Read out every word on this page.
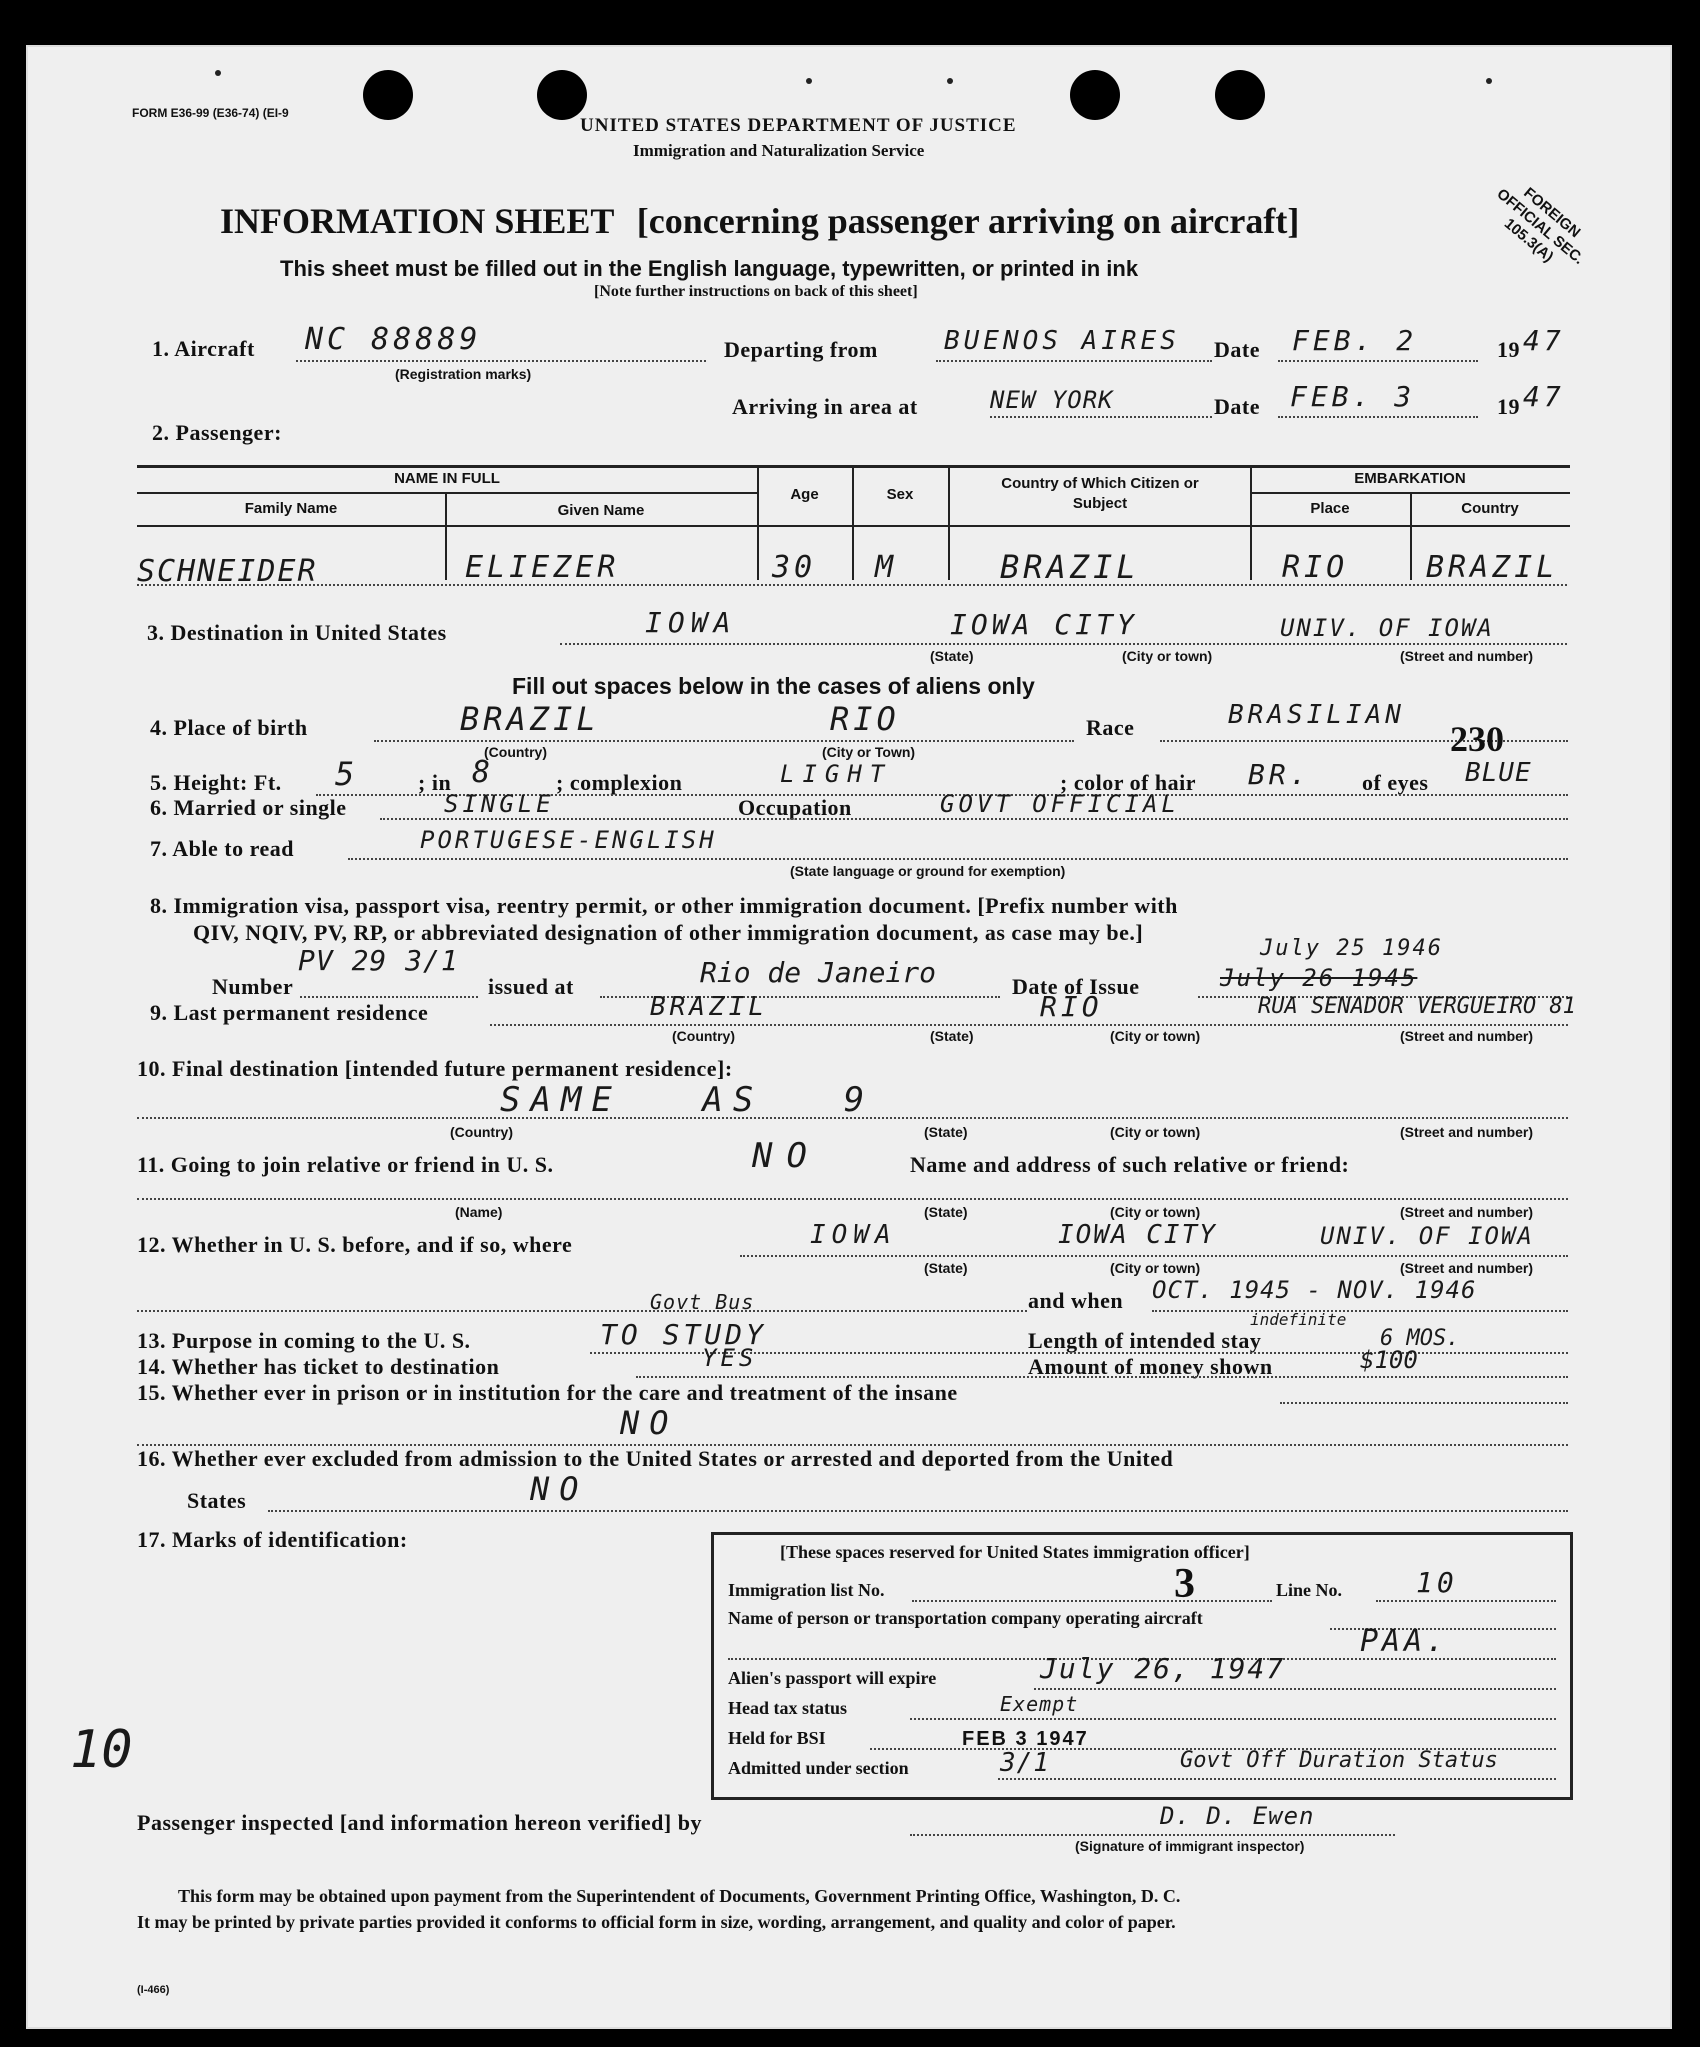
FORM E36-99 (E36-74) (EI-9
UNITED STATES DEPARTMENT OF JUSTICE
Immigration and Naturalization Service
INFORMATION SHEET [concerning passenger arriving on aircraft]
This sheet must be filled out in the English language, typewritten, or printed in ink
[Note further instructions on back of this sheet]
FOREIGN OFFICIAL SEC. 105.3(A)
1. Aircraft NC 88889
(Registration marks)
Departing from	BUENOS AIRES Date FEB. 2	19 47
Arriving in area at	NEW YORK	Date FEB. 3	19 47
2. Passenger:
NAME IN FULL
Family Name	Given Name
Age	Sex
Country of Which Citizen or Subject
EMBARKATION
Place	Country
SCHNEIDER	ELIEZER	30 M	BRAZIL	RIO	BRAZIL
3. Destination in United States	IOWA	IOWA CITY	UNIV. OF IOWA
(State)	(City or town)	(Street and number)
Fill out spaces below in the cases of aliens only
4. Place of birth	BRAZIL	RIO
(Country)	(City or Town)
Race	BRASILIAN
230
5. Height: Ft. 5	; in 8	; complexion	LIGHT	; color of hair BR. of eyes BLUE
6. Married or single	SINGLE	Occupation	GOVT OFFICIAL
7. Able to read	PORTUGESE-ENGLISH
(State language or ground for exemption)
8. Immigration visa, passport visa, reentry permit, or other immigration document. [Prefix number with
QIV, NQIV, PV, RP, or abbreviated designation of other immigration document, as case may be.]
Number
PV 29 3/1
issued at	Rio de Janeiro	Date of Issue	July 26 1945
July 25 1946
9. Last permanent residence	BRAZIL	RIO	RUA SENADOR VERGUEIRO 81
(Country)	(State)	(City or town)	(Street and number)
10. Final destination [intended future permanent residence]:
SAME AS 9
(Country)	(State)	(City or town)	(Street and number)
11. Going to join relative or friend in U. S.	NO	Name and address of such relative or friend:
(Name)	(State)	(City or town)	(Street and number)
12. Whether in U. S. before, and if so, where	IOWA	IOWA CITY	UNIV. OF IOWA
(State)	(City or town)	(Street and number)
and when OCT. 1945 - NOV. 1946
13. Purpose in coming to the U. S.
Govt Bus
TO STUDY	Length of intended stay
indefinite
6 MOS.
14. Whether has ticket to destination	YES	Amount of money shown	$100
15. Whether ever in prison or in institution for the care and treatment of the insane
NO
16. Whether ever excluded from admission to the United States or arrested and deported from the United
States	NO
17. Marks of identification:
10
[These spaces reserved for United States immigration officer]
Immigration list No.	3	Line No.	10
Name of person or transportation company operating aircraft
PAA.
Alien's passport will expire	July 26, 1947
Head tax status	Exempt
Held for BSI	FEB 3 1947
Admitted under section	3/1	Govt Off Duration Status
Passenger inspected [and information hereon verified] by	D. D. Ewen
(Signature of immigrant inspector)
This form may be obtained upon payment from the Superintendent of Documents, Government Printing Office, Washington, D. C.
It may be printed by private parties provided it conforms to official form in size, wording, arrangement, and quality and color of paper.
(I-466)
